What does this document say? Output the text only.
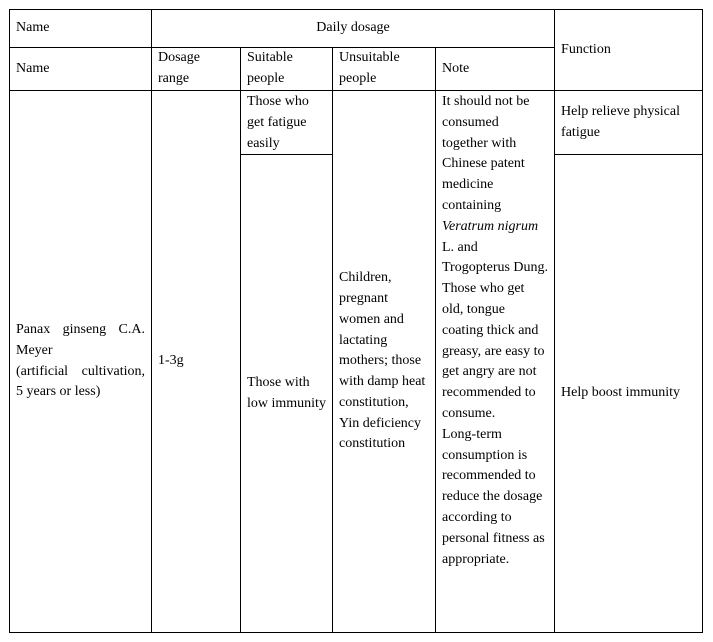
Name	Daily dosage				Function
Name	Dosage range	Suitable people	Unsuitable people	Note	

Panax ginseng C.A. Meyer
(artificial cultivation, 5 years or less)	1-3g	Those who get fatigue easily	Children, pregnant women and lactating mothers; those with damp heat constitution, Yin deficiency constitution	It should not be consumed together with Chinese patent medicine containing Veratrum nigrum L. and Trogopterus Dung.
Those who get old, tongue coating thick and greasy, are easy to get angry are not recommended to consume.
Long-term consumption is recommended to reduce the dosage according to personal fitness as appropriate.	Help relieve physical fatigue

		Those with low immunity			Help boost immunity
